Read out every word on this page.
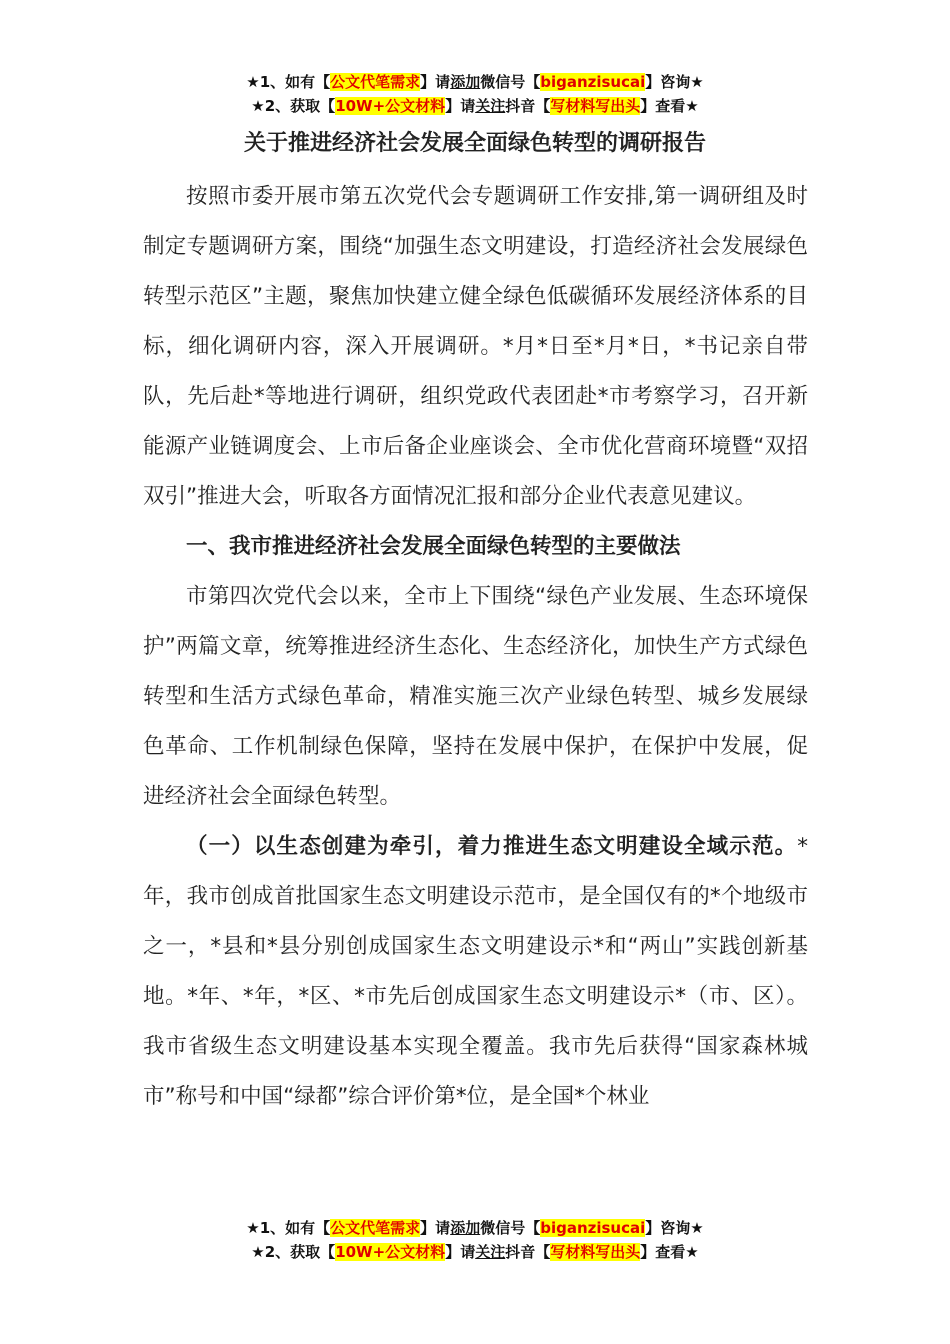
★1、如有【公文代笔需求】请添加微信号【biganzisucai】咨询★
★2、获取【10W+公文材料】请关注抖音【写材料写出头】查看★
关于推进经济社会发展全面绿色转型的调研报告

按照市委开展市第五次党代会专题调研工作安排,第一调研组及时制定专题调研方案，围绕“加强生态文明建设，打造经济社会发展绿色转型示范区”主题，聚焦加快建立健全绿色低碳循环发展经济体系的目标，细化调研内容，深入开展调研。*月*日至*月*日，*书记亲自带队，先后赴*等地进行调研，组织党政代表团赴*市考察学习，召开新能源产业链调度会、上市后备企业座谈会、全市优化营商环境暨“双招双引”推进大会，听取各方面情况汇报和部分企业代表意见建议。

一、我市推进经济社会发展全面绿色转型的主要做法

市第四次党代会以来，全市上下围绕“绿色产业发展、生态环境保护”两篇文章，统筹推进经济生态化、生态经济化，加快生产方式绿色转型和生活方式绿色革命，精准实施三次产业绿色转型、城乡发展绿色革命、工作机制绿色保障，坚持在发展中保护，在保护中发展，促进经济社会全面绿色转型。

（一）以生态创建为牵引，着力推进生态文明建设全域示范。*年，我市创成首批国家生态文明建设示范市，是全国仅有的*个地级市之一，*县和*县分别创成国家生态文明建设示*和“两山”实践创新基地。*年、*年，*区、*市先后创成国家生态文明建设示*（市、区）。我市省级生态文明建设基本实现全覆盖。我市先后获得“国家森林城市”称号和中国“绿都”综合评价第*位，是全国*个林业

★1、如有【公文代笔需求】请添加微信号【biganzisucai】咨询★
★2、获取【10W+公文材料】请关注抖音【写材料写出头】查看★
